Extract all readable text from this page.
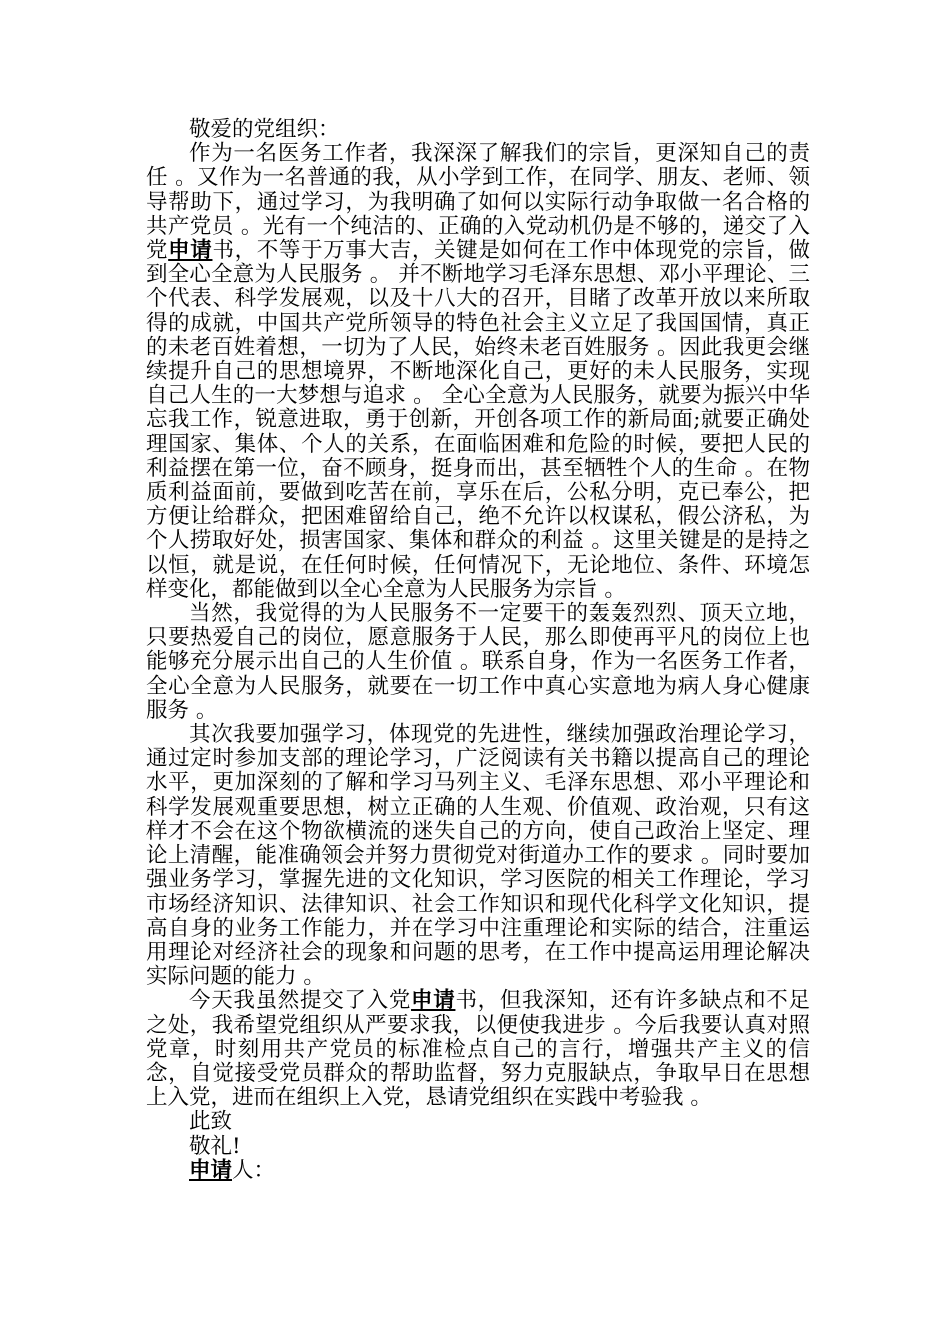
敬爱的党组织：

作为一名医务工作者，我深深了解我们的宗旨，更深知自己的责任 。又作为一名普通的我，从小学到工作，在同学、朋友、老师、领导帮助下，通过学习，为我明确了如何以实际行动争取做一名合格的共产党员 。光有一个纯洁的、正确的入党动机仍是不够的，递交了入党申请书，不等于万事大吉，关键是如何在工作中体现党的宗旨，做到全心全意为人民服务 。 并不断地学习毛泽东思想、邓小平理论、三个代表、科学发展观，以及十八大的召开，目睹了改革开放以来所取得的成就，中国共产党所领导的特色社会主义立足了我国国情，真正的未老百姓着想，一切为了人民，始终未老百姓服务 。因此我更会继续提升自己的思想境界，不断地深化自己，更好的未人民服务，实现自己人生的一大梦想与追求 。 全心全意为人民服务，就要为振兴中华忘我工作，锐意进取，勇于创新，开创各项工作的新局面;就要正确处理国家、集体、个人的关系，在面临困难和危险的时候，要把人民的利益摆在第一位，奋不顾身，挺身而出，甚至牺牲个人的生命 。在物质利益面前，要做到吃苦在前，享乐在后，公私分明，克已奉公，把方便让给群众，把困难留给自己，绝不允许以权谋私，假公济私，为个人捞取好处，损害国家、集体和群众的利益 。这里关键是的是持之以恒，就是说，在任何时候，任何情况下，无论地位、条件、环境怎样变化，都能做到以全心全意为人民服务为宗旨 。

当然，我觉得的为人民服务不一定要干的轰轰烈烈、顶天立地，只要热爱自己的岗位，愿意服务于人民，那么即使再平凡的岗位上也能够充分展示出自己的人生价值 。联系自身，作为一名医务工作者，全心全意为人民服务，就要在一切工作中真心实意地为病人身心健康服务 。

其次我要加强学习，体现党的先进性，继续加强政治理论学习，通过定时参加支部的理论学习，广泛阅读有关书籍以提高自己的理论水平，更加深刻的了解和学习马列主义、毛泽东思想、邓小平理论和科学发展观重要思想，树立正确的人生观、价值观、政治观，只有这样才不会在这个物欲横流的迷失自己的方向，使自己政治上坚定、理论上清醒，能准确领会并努力贯彻党对街道办工作的要求 。同时要加强业务学习，掌握先进的文化知识，学习医院的相关工作理论，学习市场经济知识、法律知识、社会工作知识和现代化科学文化知识，提高自身的业务工作能力，并在学习中注重理论和实际的结合，注重运用理论对经济社会的现象和问题的思考，在工作中提高运用理论解决实际问题的能力 。

今天我虽然提交了入党申请书，但我深知，还有许多缺点和不足之处，我希望党组织从严要求我，以便使我进步 。今后我要认真对照党章，时刻用共产党员的标准检点自己的言行，增强共产主义的信念，自觉接受党员群众的帮助监督，努力克服缺点，争取早日在思想上入党，进而在组织上入党，恳请党组织在实践中考验我 。

此致

敬礼!

申请人：
